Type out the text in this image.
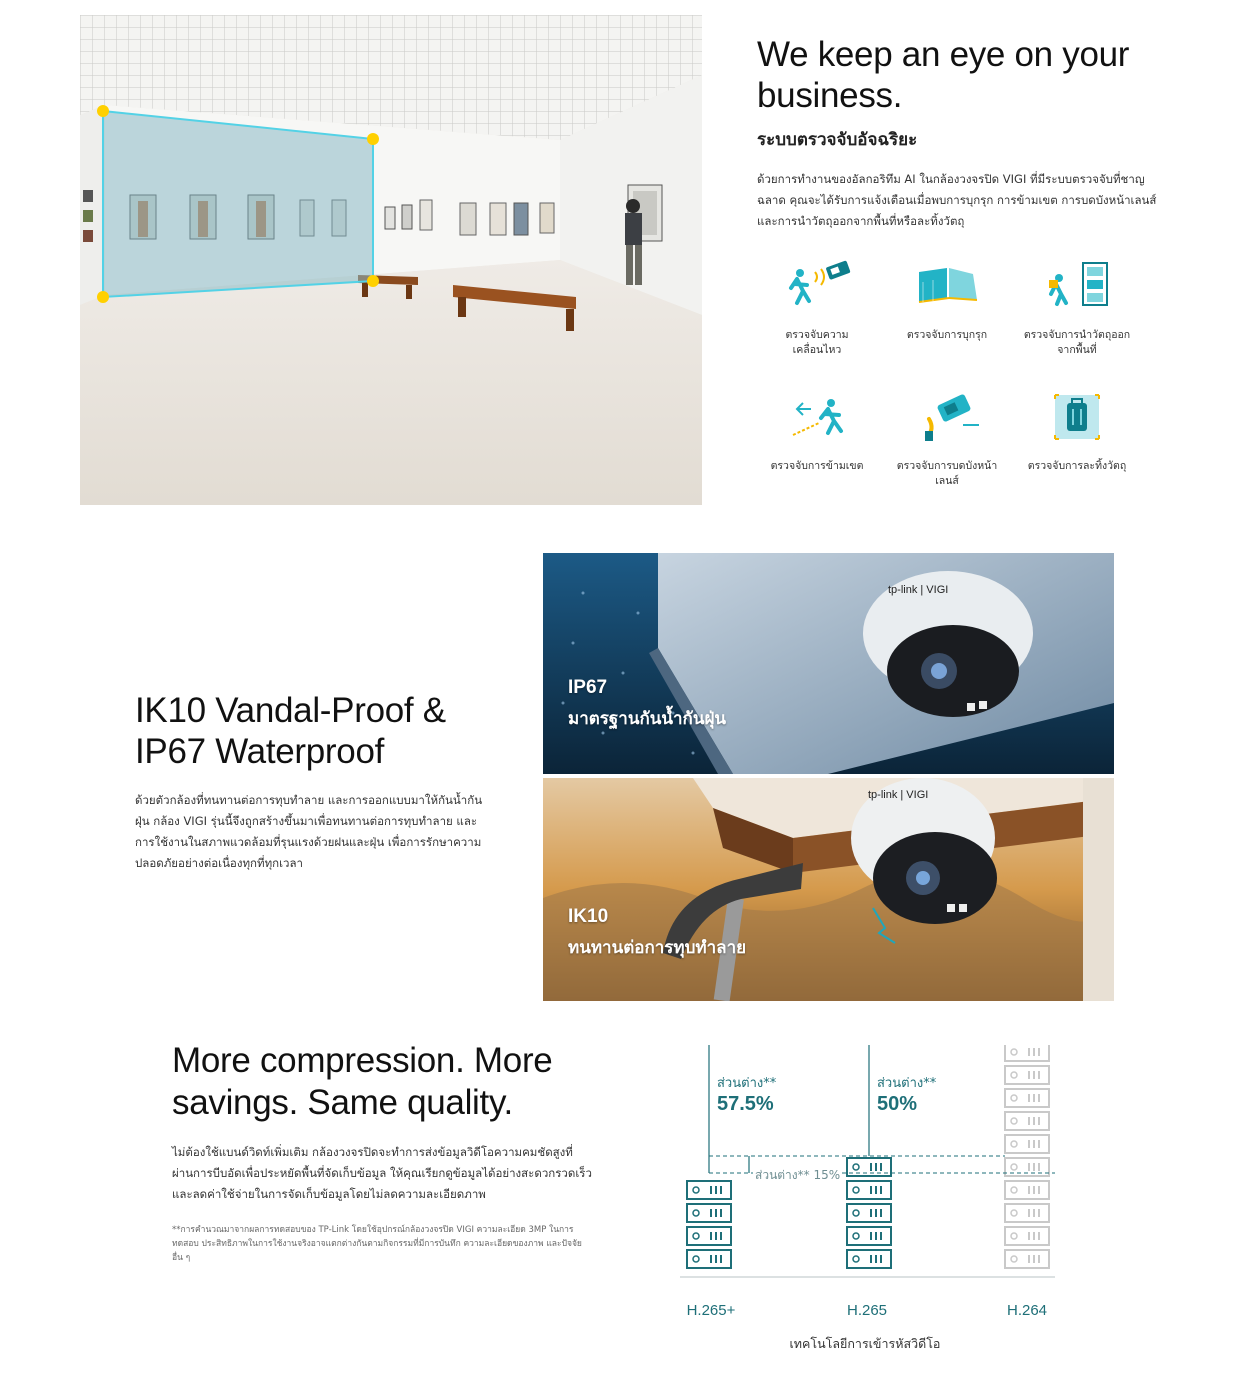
We keep an eye on your business.
ระบบตรวจจับอัจฉริยะ

ด้วยการทำงานของอัลกอริทึม AI ในกล้องวงจรปิด VIGI ที่มีระบบตรวจจับที่ชาญฉลาด คุณจะได้รับการแจ้งเตือนเมื่อพบการบุกรุก การข้ามเขต การบดบังหน้าเลนส์ และการนำวัตถุออกจากพื้นที่หรือละทิ้งวัตถุ

ตรวจจับความเคลื่อนไหว
ตรวจจับการบุกรุก	ตรวจจับการนำวัตถุออกจากพื้นที่
ตรวจจับการข้ามเขต	ตรวจจับการบดบังหน้าเลนส์
ตรวจจับการละทิ้งวัตถุ
IK10 Vandal-Proof & IP67 Waterproof

ด้วยตัวกล้องที่ทนทานต่อการทุบทำลาย และการออกแบบมาให้กันน้ำกันฝุ่น กล้อง VIGI รุ่นนี้จึงถูกสร้างขึ้นมาเพื่อทนทานต่อการทุบทำลาย และการใช้งานในสภาพแวดล้อมที่รุนแรงด้วยฝนและฝุ่น เพื่อการรักษาความปลอดภัยอย่างต่อเนื่องทุกที่ทุกเวลา

tp-link | VIGI
IP67
มาตรฐานกันน้ำกันฝุ่น
tp-link | VIGI
IK10
ทนทานต่อการทุบทำลาย
More compression. More savings. Same quality.

ไม่ต้องใช้แบนด์วิดท์เพิ่มเติม กล้องวงจรปิดจะทำการส่งข้อมูลวิดีโอความคมชัดสูงที่ผ่านการบีบอัดเพื่อประหยัดพื้นที่จัดเก็บข้อมูล ให้คุณเรียกดูข้อมูลได้อย่างสะดวกรวดเร็ว และลดค่าใช้จ่ายในการจัดเก็บข้อมูลโดยไม่ลดความละเอียดภาพ

**การคำนวณมาจากผลการทดสอบของ TP-Link โดยใช้อุปกรณ์กล้องวงจรปิด VIGI ความละเอียด 3MP ในการทดสอบ ประสิทธิภาพในการใช้งานจริงอาจแตกต่างกันตามกิจกรรมที่มีการบันทึก ความละเอียดของภาพ และปัจจัยอื่น ๆ

ส่วนต่าง**
57.5%
ส่วนต่าง**
50%
ส่วนต่าง** 15%
H.265+	H.265	H.264
เทคโนโลยีการเข้ารหัสวิดีโอ
